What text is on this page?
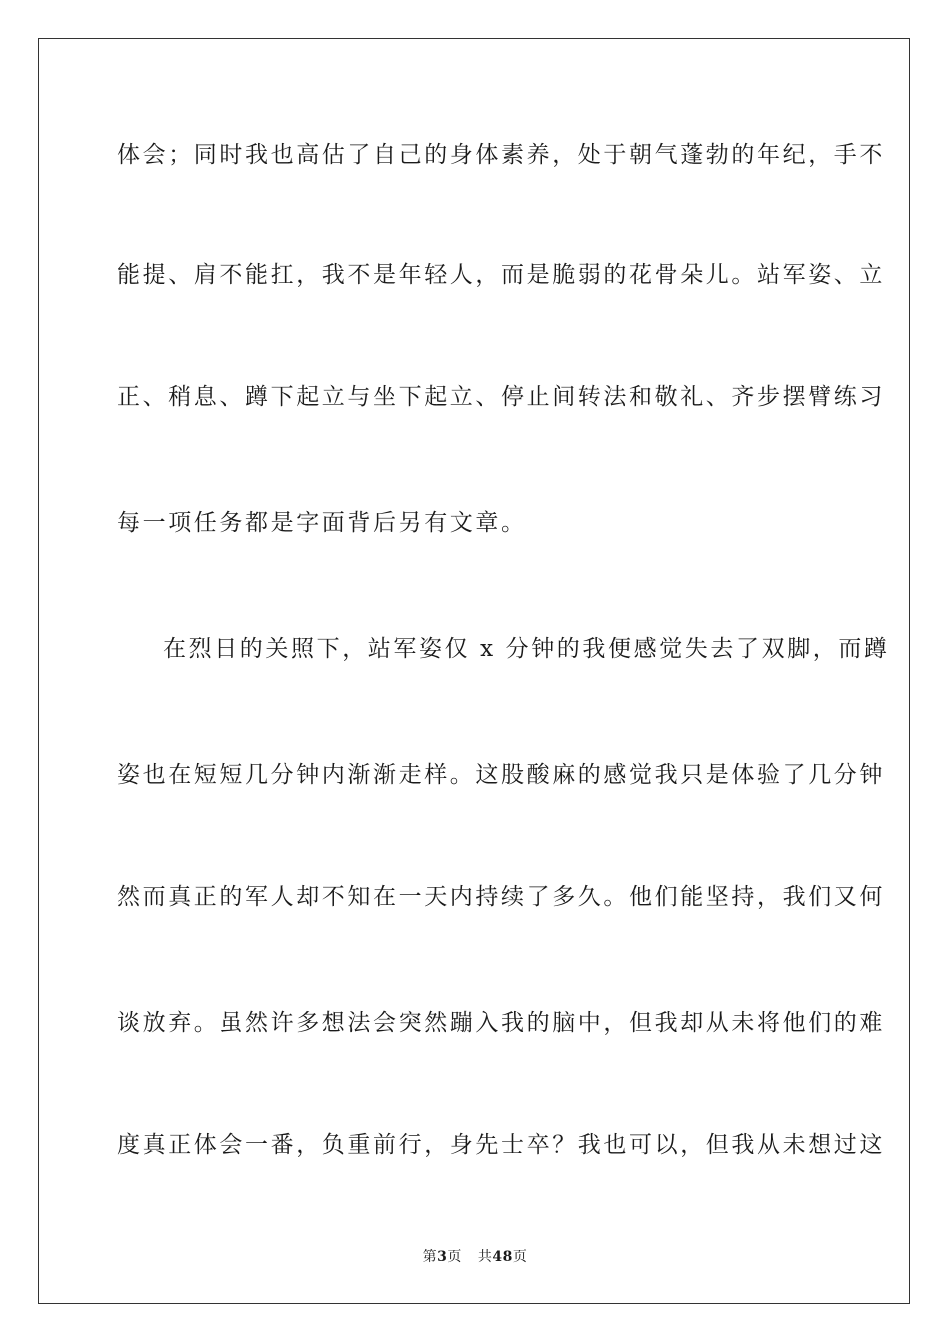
体会；同时我也高估了自己的身体素养，处于朝气蓬勃的年纪，手不
能提、肩不能扛，我不是年轻人，而是脆弱的花骨朵儿。站军姿、立
正、稍息、蹲下起立与坐下起立、停止间转法和敬礼、齐步摆臂练习
每一项任务都是字面背后另有文章。
在烈日的关照下，站军姿仅 x 分钟的我便感觉失去了双脚，而蹲
姿也在短短几分钟内渐渐走样。这股酸麻的感觉我只是体验了几分钟
然而真正的军人却不知在一天内持续了多久。他们能坚持，我们又何
谈放弃。虽然许多想法会突然蹦入我的脑中，但我却从未将他们的难
度真正体会一番，负重前行，身先士卒？我也可以，但我从未想过这
第3页 共48页
